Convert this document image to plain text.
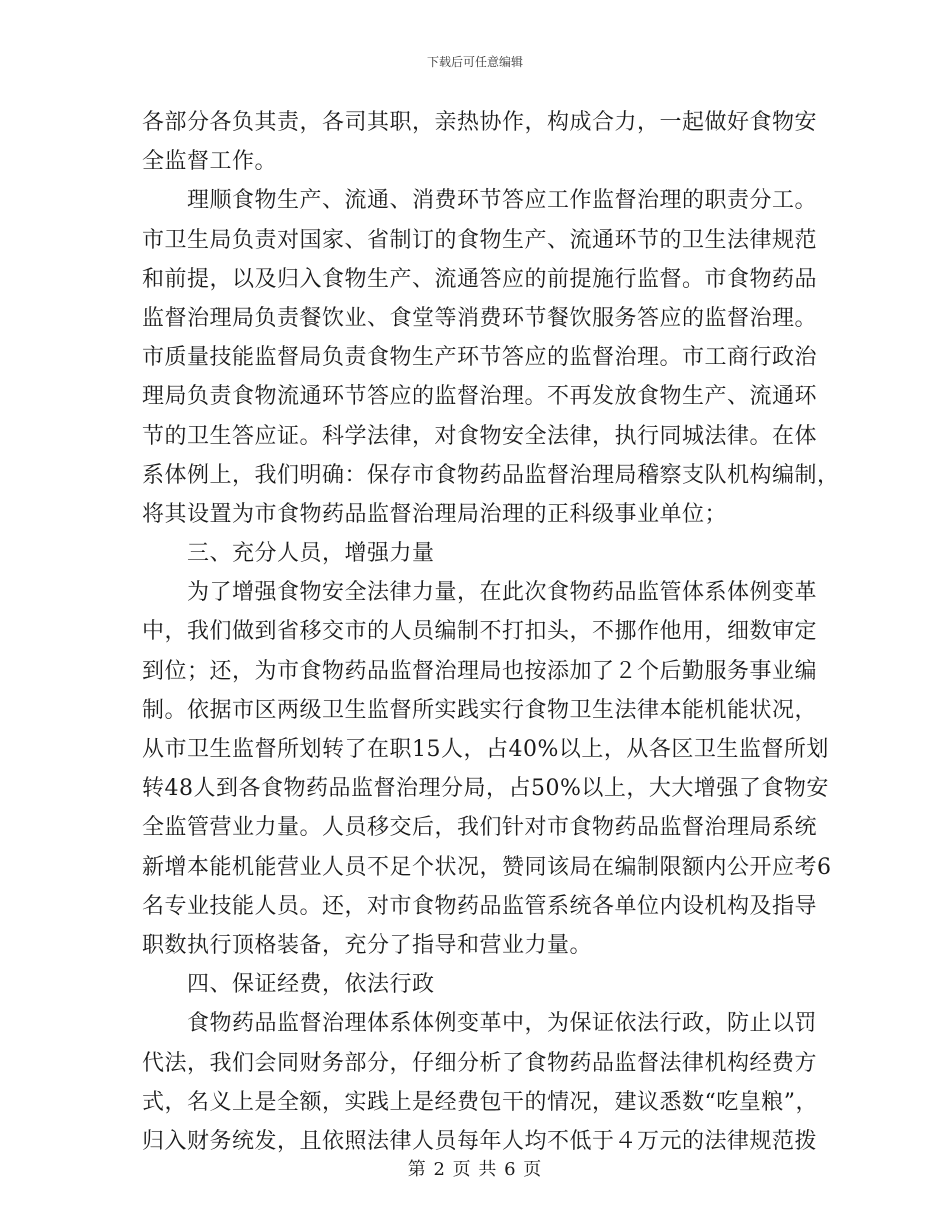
下载后可任意编辑
各部分各负其责，各司其职，亲热协作，构成合力，一起做好食物安
全监督工作。
理顺食物生产、流通、消费环节答应工作监督治理的职责分工。
市卫生局负责对国家、省制订的食物生产、流通环节的卫生法律规范
和前提，以及归入食物生产、流通答应的前提施行监督。市食物药品
监督治理局负责餐饮业、食堂等消费环节餐饮服务答应的监督治理。
市质量技能监督局负责食物生产环节答应的监督治理。市工商行政治
理局负责食物流通环节答应的监督治理。不再发放食物生产、流通环
节的卫生答应证。科学法律，对食物安全法律，执行同城法律。在体
系体例上，我们明确：保存市食物药品监督治理局稽察支队机构编制，
将其设置为市食物药品监督治理局治理的正科级事业单位；
三、充分人员，增强力量
为了增强食物安全法律力量，在此次食物药品监管体系体例变革
中，我们做到省移交市的人员编制不打扣头，不挪作他用，细数审定
到位；还，为市食物药品监督治理局也按添加了２个后勤服务事业编
制。依据市区两级卫生监督所实践实行食物卫生法律本能机能状况，
从市卫生监督所划转了在职15人，占40%以上，从各区卫生监督所划
转48人到各食物药品监督治理分局，占50%以上，大大增强了食物安
全监管营业力量。人员移交后，我们针对市食物药品监督治理局系统
新增本能机能营业人员不足个状况，赞同该局在编制限额内公开应考6
名专业技能人员。还，对市食物药品监管系统各单位内设机构及指导
职数执行顶格装备，充分了指导和营业力量。
四、保证经费，依法行政
食物药品监督治理体系体例变革中，为保证依法行政，防止以罚
代法，我们会同财务部分，仔细分析了食物药品监督法律机构经费方
式，名义上是全额，实践上是经费包干的情况，建议悉数“吃皇粮”，
归入财务统发，且依照法律人员每年人均不低于４万元的法律规范拨
第 2 页 共 6 页
